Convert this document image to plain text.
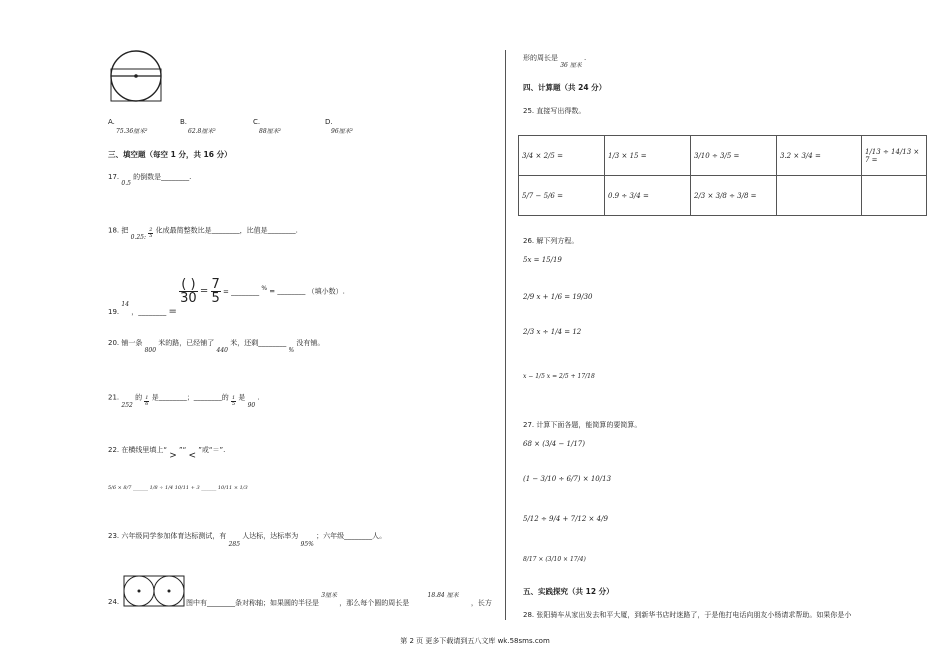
A.
75.36厘米²
B.
62.8厘米²
C.
88厘米²
D.
96厘米²
三、填空题（每空 1 分，共 16 分）
17. 0.5 的倒数是________.
18. 把 0.25: $\frac{2}{5}$ 化成最简整数比是________，比值是________.
19. 14 ，________ =
( )
$30 = \frac{7}{5}$ = ________ % = ________ （填小数）.
20. 铺一条 800 米的路，已经铺了 440 米，还剩________ % 没有铺。
21. 252 的 $\frac{1}{6}$ 是________；________的 $\frac{1}{5}$ 是 90 .
22. 在横线里填上“ > ”“ < ”或“＝”.
5/6 × 8/7 ______ 1/8 ÷ 1/4 10/11 + 3 ______ 10/11 × 1/3
23. 六年级同学参加体育达标测试，有 285 人达标，达标率为 95% ；六年级________人。
24.	图中有________条对称轴；如果圆的半径是 3厘米 ，那么每个圆的周长是 18.84 厘米 ，长方
形的周长是 36 厘米 .
四、计算题（共 24 分）
25. 直接写出得数。
3/4 × 2/5 =	1/3 × 15 =	3/10 ÷ 3/5 =	3.2 × 3/4 =	1/13 ÷ 14/13 × 7 =
5/7 − 5/6 =	0.9 ÷ 3/4 =	2/3 × 3/8 ÷ 3/8 =		
26. 解下列方程。
5x = 15/19
2/9 x + 1/6 = 19/30
2/3 x ÷ 1/4 = 12
x − 1/5 x = 2/5 + 17/18
27. 计算下面各题，能简算的要简算。
68 × (3/4 − 1/17)
(1 − 3/10 ÷ 6/7) × 10/13
5/12 ÷ 9/4 + 7/12 × 4/9
8/17 × (3/10 × 17/4)
五、实践探究（共 12 分）
28. 张阳骑车从家出发去和平大厦，到新华书店时迷路了，于是他打电话向朋友小杨请求帮助。如果你是小
第 2 页 更多下载请到五八文库 wk.58sms.com
